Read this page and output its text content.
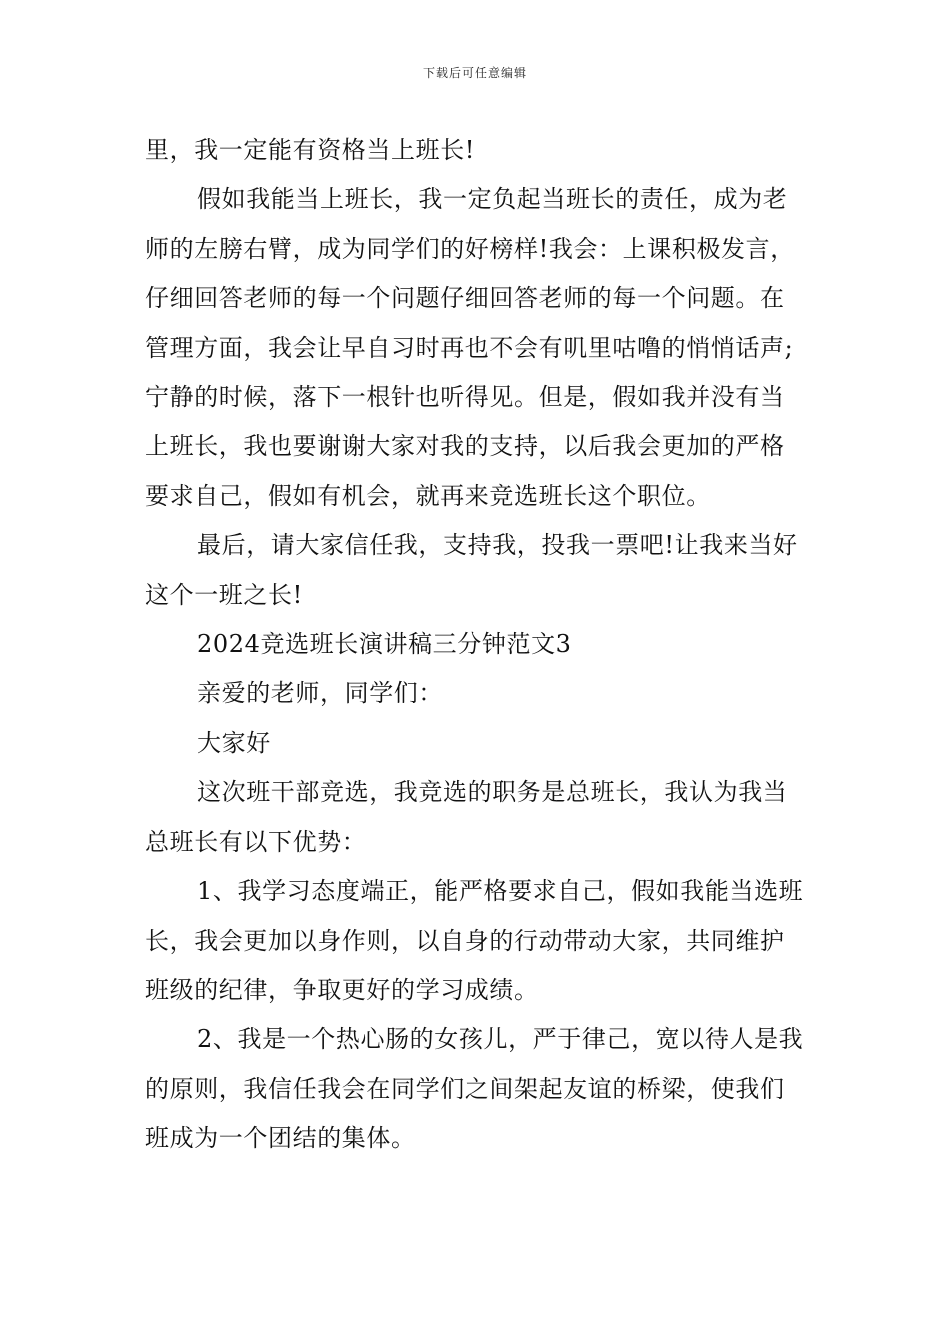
下载后可任意编辑

里，我一定能有资格当上班长!

假如我能当上班长，我一定负起当班长的责任，成为老师的左膀右臂，成为同学们的好榜样!我会：上课积极发言，仔细回答老师的每一个问题仔细回答老师的每一个问题。在管理方面，我会让早自习时再也不会有叽里咕噜的悄悄话声;宁静的时候，落下一根针也听得见。但是，假如我并没有当上班长，我也要谢谢大家对我的支持，以后我会更加的严格要求自己，假如有机会，就再来竞选班长这个职位。

最后，请大家信任我，支持我，投我一票吧!让我来当好这个一班之长!

2024竞选班长演讲稿三分钟范文3

亲爱的老师，同学们：

大家好

这次班干部竞选，我竞选的职务是总班长，我认为我当总班长有以下优势：

1、我学习态度端正，能严格要求自己，假如我能当选班长，我会更加以身作则，以自身的行动带动大家，共同维护班级的纪律，争取更好的学习成绩。

2、我是一个热心肠的女孩儿，严于律己，宽以待人是我的原则，我信任我会在同学们之间架起友谊的桥梁，使我们班成为一个团结的集体。
